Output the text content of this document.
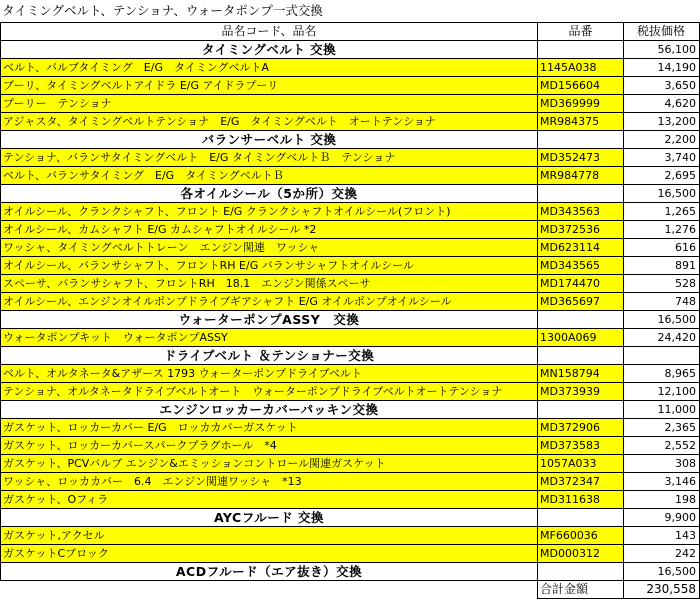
タイミングベルト、テンショナ、ウォータポンプ一式交換
品名コード、品名	品番	税抜価格
タイミングベルト 交換		56,100
ベルト、バルブタイミング　E/G　タイミングベルトA	1145A038	14,190
プーリ、タイミングベルトアイドラ E/G アイドラプーリ	MD156604	3,650
プーリー　テンショナ	MD369999	4,620
アジャスタ、タイミングベルトテンショナ　E/G　タイミングベルト　オートテンショナ	MR984375	13,200
バランサーベルト 交換		2,200
テンショナ、バランサタイミングベルト　E/G タイミングベルトＢ　テンショナ	MD352473	3,740
ベルト、バランサタイミング　E/G　タイミングベルトＢ	MR984778	2,695
各オイルシール（5か所）交換		16,500
オイルシール、クランクシャフト、フロント E/G クランクシャフトオイルシール(フロント)	MD343563	1,265
オイルシール、カムシャフト E/G カムシャフトオイルシール *2	MD372536	1,276
ワッシャ、タイミングベルトトレーン　エンジン関連　ワッシャ	MD623114	616
オイルシール、バランサシャフト、フロントRH E/G バランサシャフトオイルシール	MD343565	891
スペーサ、バランサシャフト、フロントRH　18.1　エンジン関係スペーサ	MD174470	528
オイルシール、エンジンオイルポンプドライブギアシャフト E/G オイルポンプオイルシール	MD365697	748
ウォーターポンプASSY　交換		16,500
ウォータポンプキット　ウォータポンプASSY	1300A069	24,420
ドライブベルト ＆テンショナー交換		
ベルト、オルタネータ&アザース 1793 ウォーターポンプドライブベルト	MN158794	8,965
テンショナ、オルタネータドライブベルトオート　ウォーターポンプドライブベルトオートテンショナ	MD373939	12,100
エンジンロッカーカバーパッキン交換		11,000
ガスケット、ロッカーカバー E/G　ロッカカバーガスケット	MD372906	2,365
ガスケット、ロッカーカバースパークプラグホール　*4	MD373583	2,552
ガスケット、PCVバルブ エンジン&エミッションコントロール関連ガスケット	1057A033	308
ワッシャ、ロッカカバー　6.4　エンジン関連ワッシャ　*13	MD372347	3,146
ガスケット、Oフィラ	MD311638	198
AYCフルード 交換		9,900
ガスケット,アクセル	MF660036	143
ガスケットCブロック	MD000312	242
ACDフルード（エア抜き）交換		16,500
	合計金額	230,558
